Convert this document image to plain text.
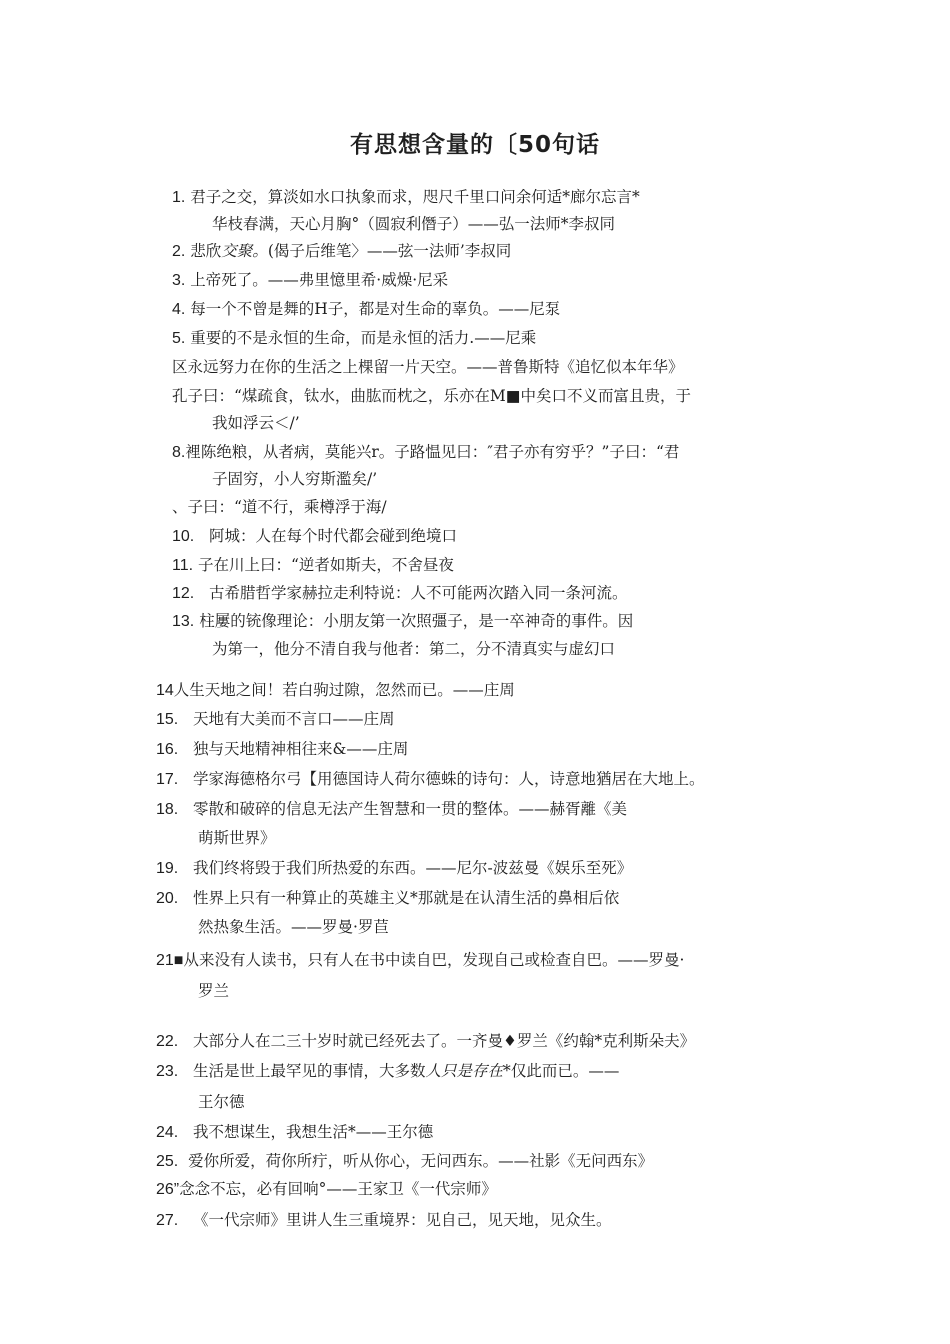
有思想含量的〔50句话
1. 君子之交，算淡如水口执象而求，咫尺千里口问余何适*廊尔忘言*
华枝春满，天心月胸°（圆寂利僭子）——弘一法师*李叔同
2. 悲欣交聚。(偈子后维笔〉——弦一法师’李叔同
3. 上帝死了。——弗里憶里希·威燥·尼采
4. 每一个不曾是舞的H子，都是对生命的辜负。——尼泵
5. 重要的不是永恒的生命，而是永恒的活力.——尼乘
区永远努力在你的生活之上棵留一片天空。——普鲁斯特《追忆似本年华》
孔子曰：“煤疏食，钛水，曲肱而枕之，乐亦在M■中矣口不义而富且贵，于
我如浮云＜/’
8.裡陈绝粮，从者病，莫能兴r。子路愠见曰：″君子亦有穷乎？”子曰：“君
子固穷，小人穷斯濫矣/’
、子曰：“道不行，乘樽浮于海/
10. 阿城：人在每个时代都会碰到绝境口
11. 子在川上曰：“逆者如斯夫，不舍昼夜
12. 古希腊哲学家赫拉走利特说：人不可能两次踏入同一条河流。
13. 柱屢的铳像理论：小朋友第一次照彊子，是一卒神奇的事件。因
为第一，他分不清自我与他者：第二，分不清真实与虚幻口
14人生天地之间！若白驹过隙，忽然而已。——庄周
15. 天地有大美而不言口——庄周
16. 独与天地精神相往来&——庄周
17. 学家海德格尔弓【用德国诗人荷尔德蛛的诗句：人，诗意地猶居在大地上。
18. 零散和破碎的信息无法产生智慧和一贯的整体。——赫胥離《美
萌斯世界》
19. 我们终将毁于我们所热爱的东西。——尼尔-波兹曼《娱乐至死》
20. 性界上只有一种算止的英雄主义*那就是在认清生活的鼻相后依
然热象生活。——罗曼·罗苣
21■从来没有人读书，只有人在书中读自巴，发现自己或检查自巴。——罗曼·
罗兰
22. 大部分人在二三十岁时就已经死去了。一齐曼♦罗兰《约翰*克利斯朵夫》
23. 生活是世上最罕见的事情，大多数人只是存在*仅此而已。——
王尔德
24. 我不想谋生，我想生活*——王尔德
25. 爱你所爱，荷你所疔，听从你心，无问西东。——社影《无问西东》
26”念念不忘，必有回响°——王家卫《一代宗师》
27. 《一代宗师》里讲人生三重境界：见自己，见天地，见众生。
